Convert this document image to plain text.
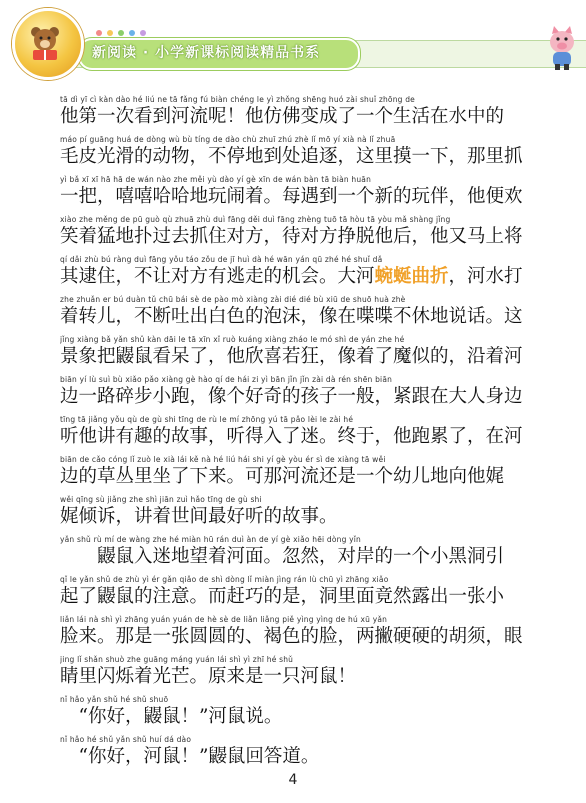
新阅读 · 小学新课标阅读精品书系
tā dì yī cì kàn dào hé liú ne tā fǎng fú biàn chéng le yì zhǒng shēng huó zài shuǐ zhōng de
他第一次看到河流呢！他仿佛变成了一个生活在水中的
máo pí guāng huá de dòng wù bù tíng de dào chù zhuī zhú zhè lǐ mō yí xià nà lǐ zhuā
毛皮光滑的动物，不停地到处追逐，这里摸一下，那里抓
yì bǎ xī xī hā hā de wán nào zhe měi yù dào yí gè xīn de wán bàn tā biàn huān
一把，嘻嘻哈哈地玩闹着。每遇到一个新的玩伴，他便欢
xiào zhe měng de pū guò qù zhuā zhù duì fāng děi duì fāng zhèng tuō tā hòu tā yòu mǎ shàng jǐng
笑着猛地扑过去抓住对方，待对方挣脱他后，他又马上将
qí dǎi zhù bú ràng duì fāng yǒu táo zǒu de jī huì dà hé wān yán qū zhé hé shuǐ dǎ
其逮住，不让对方有逃走的机会。大河蜿蜒曲折，河水打
zhe zhuǎn er bú duàn tǔ chū bái sè de pào mò xiàng zài dié dié bù xiū de shuō huà zhè
着转儿，不断吐出白色的泡沫，像在喋喋不休地说话。这
jǐng xiàng bǎ yǎn shǔ kàn dāi le tā xīn xǐ ruò kuáng xiàng zháo le mó shì de yán zhe hé
景象把鼹鼠看呆了，他欣喜若狂，像着了魔似的，沿着河
biān yí lù suì bù xiǎo pǎo xiàng gè hào qí de hái zi yì bān jǐn jǐn zài dà rén shēn biān
边一路碎步小跑，像个好奇的孩子一般，紧跟在大人身边
tīng tā jiǎng yǒu qù de gù shi tīng de rù le mí zhōng yú tā pǎo lèi le zài hé
听他讲有趣的故事，听得入了迷。终于，他跑累了，在河
biān de cǎo cóng lǐ zuò le xià lái kě nà hé liú hái shi yí gè yòu ér sì de xiàng tā wěi
边的草丛里坐了下来。可那河流还是一个幼儿地向他娓
wěi qīng sù jiǎng zhe shì jiān zuì hǎo tīng de gù shi
娓倾诉，讲着世间最好听的故事。
yǎn shǔ rù mí de wàng zhe hé miàn hū rán duì àn de yí gè xiǎo hēi dòng yǐn
　　鼹鼠入迷地望着河面。忽然，对岸的一个小黑洞引
qǐ le yǎn shǔ de zhù yì ér gǎn qiǎo de shì dòng lǐ miàn jìng rán lù chū yì zhāng xiǎo
起了鼹鼠的注意。而赶巧的是，洞里面竟然露出一张小
liǎn lái nà shì yì zhāng yuán yuán de hè sè de liǎn liǎng piě yìng yìng de hú xū yǎn
脸来。那是一张圆圆的、褐色的脸，两撇硬硬的胡须，眼
jing lǐ shǎn shuò zhe guāng máng yuán lái shì yì zhī hé shǔ
睛里闪烁着光芒。原来是一只河鼠！
nǐ hǎo yǎn shǔ hé shǔ shuō
　“你好，鼹鼠！”河鼠说。
nǐ hǎo hé shǔ yǎn shǔ huí dá dào
　“你好，河鼠！”鼹鼠回答道。
4
